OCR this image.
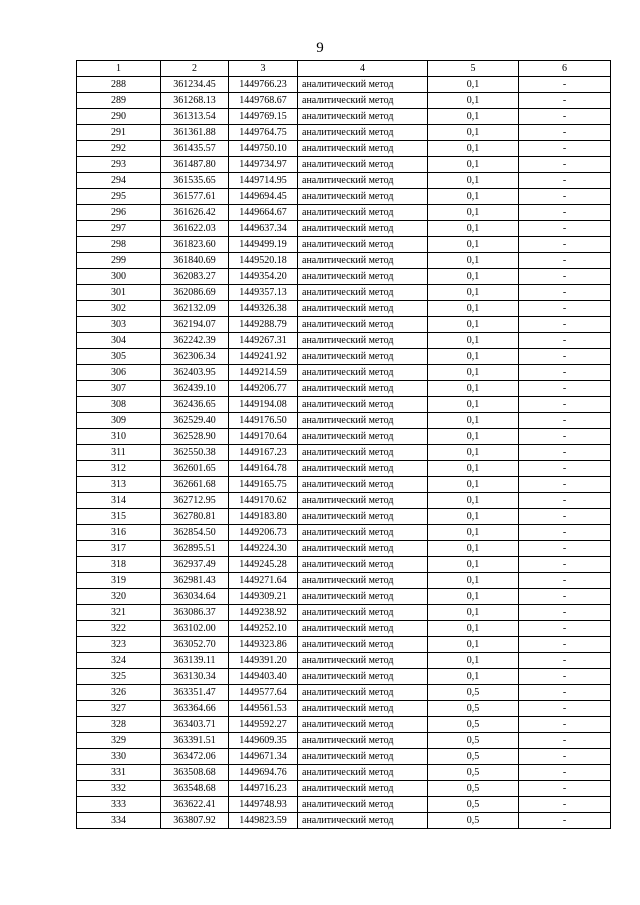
9
1	2	3	4	5	6
288	361234.45	1449766.23	аналитический метод	0,1	-
289	361268.13	1449768.67	аналитический метод	0,1	-
290	361313.54	1449769.15	аналитический метод	0,1	-
291	361361.88	1449764.75	аналитический метод	0,1	-
292	361435.57	1449750.10	аналитический метод	0,1	-
293	361487.80	1449734.97	аналитический метод	0,1	-
294	361535.65	1449714.95	аналитический метод	0,1	-
295	361577.61	1449694.45	аналитический метод	0,1	-
296	361626.42	1449664.67	аналитический метод	0,1	-
297	361622.03	1449637.34	аналитический метод	0,1	-
298	361823.60	1449499.19	аналитический метод	0,1	-
299	361840.69	1449520.18	аналитический метод	0,1	-
300	362083.27	1449354.20	аналитический метод	0,1	-
301	362086.69	1449357.13	аналитический метод	0,1	-
302	362132.09	1449326.38	аналитический метод	0,1	-
303	362194.07	1449288.79	аналитический метод	0,1	-
304	362242.39	1449267.31	аналитический метод	0,1	-
305	362306.34	1449241.92	аналитический метод	0,1	-
306	362403.95	1449214.59	аналитический метод	0,1	-
307	362439.10	1449206.77	аналитический метод	0,1	-
308	362436.65	1449194.08	аналитический метод	0,1	-
309	362529.40	1449176.50	аналитический метод	0,1	-
310	362528.90	1449170.64	аналитический метод	0,1	-
311	362550.38	1449167.23	аналитический метод	0,1	-
312	362601.65	1449164.78	аналитический метод	0,1	-
313	362661.68	1449165.75	аналитический метод	0,1	-
314	362712.95	1449170.62	аналитический метод	0,1	-
315	362780.81	1449183.80	аналитический метод	0,1	-
316	362854.50	1449206.73	аналитический метод	0,1	-
317	362895.51	1449224.30	аналитический метод	0,1	-
318	362937.49	1449245.28	аналитический метод	0,1	-
319	362981.43	1449271.64	аналитический метод	0,1	-
320	363034.64	1449309.21	аналитический метод	0,1	-
321	363086.37	1449238.92	аналитический метод	0,1	-
322	363102.00	1449252.10	аналитический метод	0,1	-
323	363052.70	1449323.86	аналитический метод	0,1	-
324	363139.11	1449391.20	аналитический метод	0,1	-
325	363130.34	1449403.40	аналитический метод	0,1	-
326	363351.47	1449577.64	аналитический метод	0,5	-
327	363364.66	1449561.53	аналитический метод	0,5	-
328	363403.71	1449592.27	аналитический метод	0,5	-
329	363391.51	1449609.35	аналитический метод	0,5	-
330	363472.06	1449671.34	аналитический метод	0,5	-
331	363508.68	1449694.76	аналитический метод	0,5	-
332	363548.68	1449716.23	аналитический метод	0,5	-
333	363622.41	1449748.93	аналитический метод	0,5	-
334	363807.92	1449823.59	аналитический метод	0,5	-
